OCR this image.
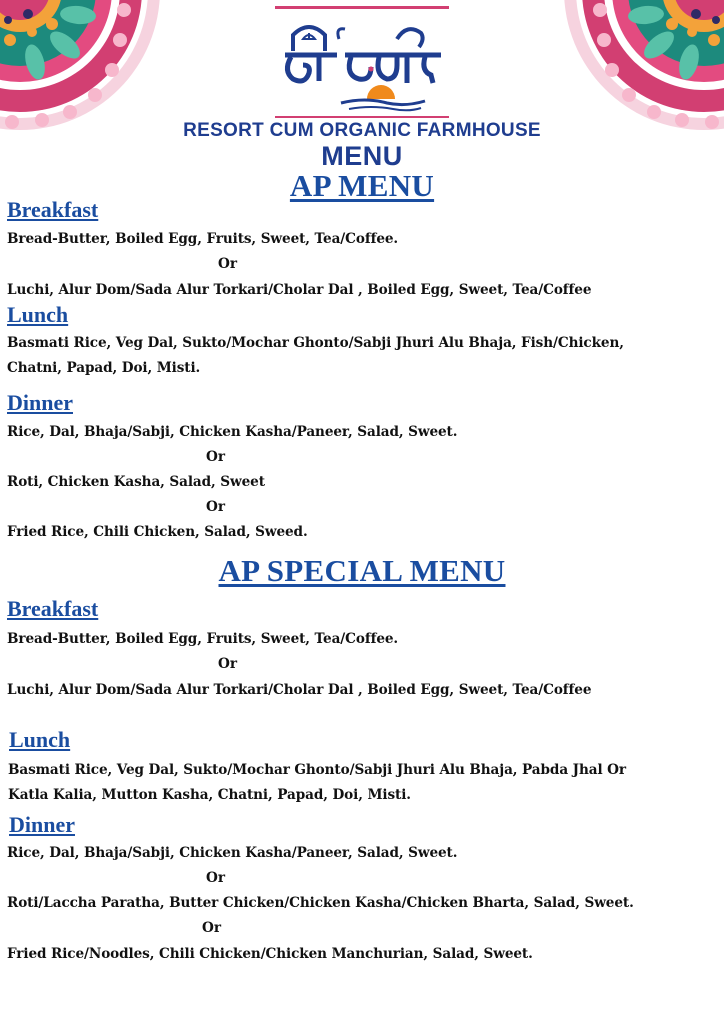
RESORT CUM ORGANIC FARMHOUSE
MENU
AP MENU
Breakfast
Bread-Butter, Boiled Egg, Fruits, Sweet, Tea/Coffee.
Or
Luchi, Alur Dom/Sada Alur Torkari/Cholar Dal , Boiled Egg, Sweet, Tea/Coffee
Lunch
Basmati Rice, Veg Dal, Sukto/Mochar Ghonto/Sabji Jhuri Alu Bhaja, Fish/Chicken,
Chatni, Papad, Doi, Misti.
Dinner
Rice, Dal, Bhaja/Sabji, Chicken Kasha/Paneer, Salad, Sweet.
Or
Roti, Chicken Kasha, Salad, Sweet
Or
Fried Rice, Chili Chicken, Salad, Sweed.
AP SPECIAL MENU
Breakfast
Bread-Butter, Boiled Egg, Fruits, Sweet, Tea/Coffee.
Or
Luchi, Alur Dom/Sada Alur Torkari/Cholar Dal , Boiled Egg, Sweet, Tea/Coffee
Lunch
Basmati Rice, Veg Dal, Sukto/Mochar Ghonto/Sabji Jhuri Alu Bhaja, Pabda Jhal Or
Katla Kalia, Mutton Kasha, Chatni, Papad, Doi, Misti.
Dinner
Rice, Dal, Bhaja/Sabji, Chicken Kasha/Paneer, Salad, Sweet.
Or
Roti/Laccha Paratha, Butter Chicken/Chicken Kasha/Chicken Bharta, Salad, Sweet.
Or
Fried Rice/Noodles, Chili Chicken/Chicken Manchurian, Salad, Sweet.
